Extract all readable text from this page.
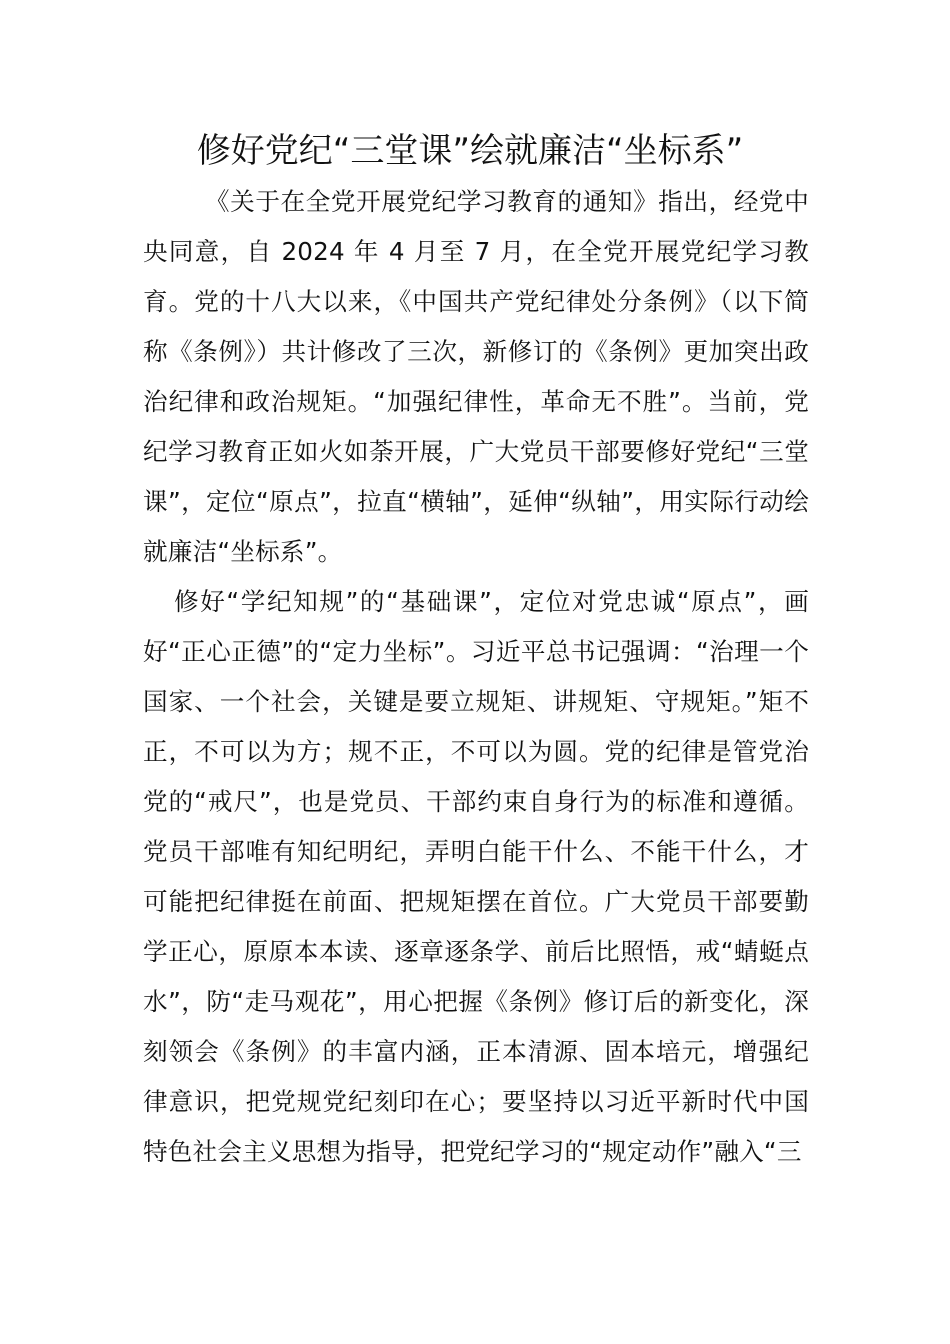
修好党纪“三堂课”绘就廉洁“坐标系”

《关于在全党开展党纪学习教育的通知》指出，经党中央同意，自 2024 年 4 月至 7 月，在全党开展党纪学习教育。党的十八大以来，《中国共产党纪律处分条例》（以下简称《条例》）共计修改了三次，新修订的《条例》更加突出政治纪律和政治规矩。“加强纪律性，革命无不胜”。当前，党纪学习教育正如火如荼开展，广大党员干部要修好党纪“三堂课”，定位“原点”，拉直“横轴”，延伸“纵轴”，用实际行动绘就廉洁“坐标系”。

修好“学纪知规”的“基础课”，定位对党忠诚“原点”，画好“正心正德”的“定力坐标”。习近平总书记强调：“治理一个国家、一个社会，关键是要立规矩、讲规矩、守规矩。”矩不正，不可以为方；规不正，不可以为圆。党的纪律是管党治党的“戒尺”，也是党员、干部约束自身行为的标准和遵循。党员干部唯有知纪明纪，弄明白能干什么、不能干什么，才可能把纪律挺在前面、把规矩摆在首位。广大党员干部要勤学正心，原原本本读、逐章逐条学、前后比照悟，戒“蜻蜓点水”，防“走马观花”，用心把握《条例》修订后的新变化，深刻领会《条例》的丰富内涵，正本清源、固本培元，增强纪律意识，把党规党纪刻印在心；要坚持以习近平新时代中国特色社会主义思想为指导，把党纪学习的“规定动作”融入“三
